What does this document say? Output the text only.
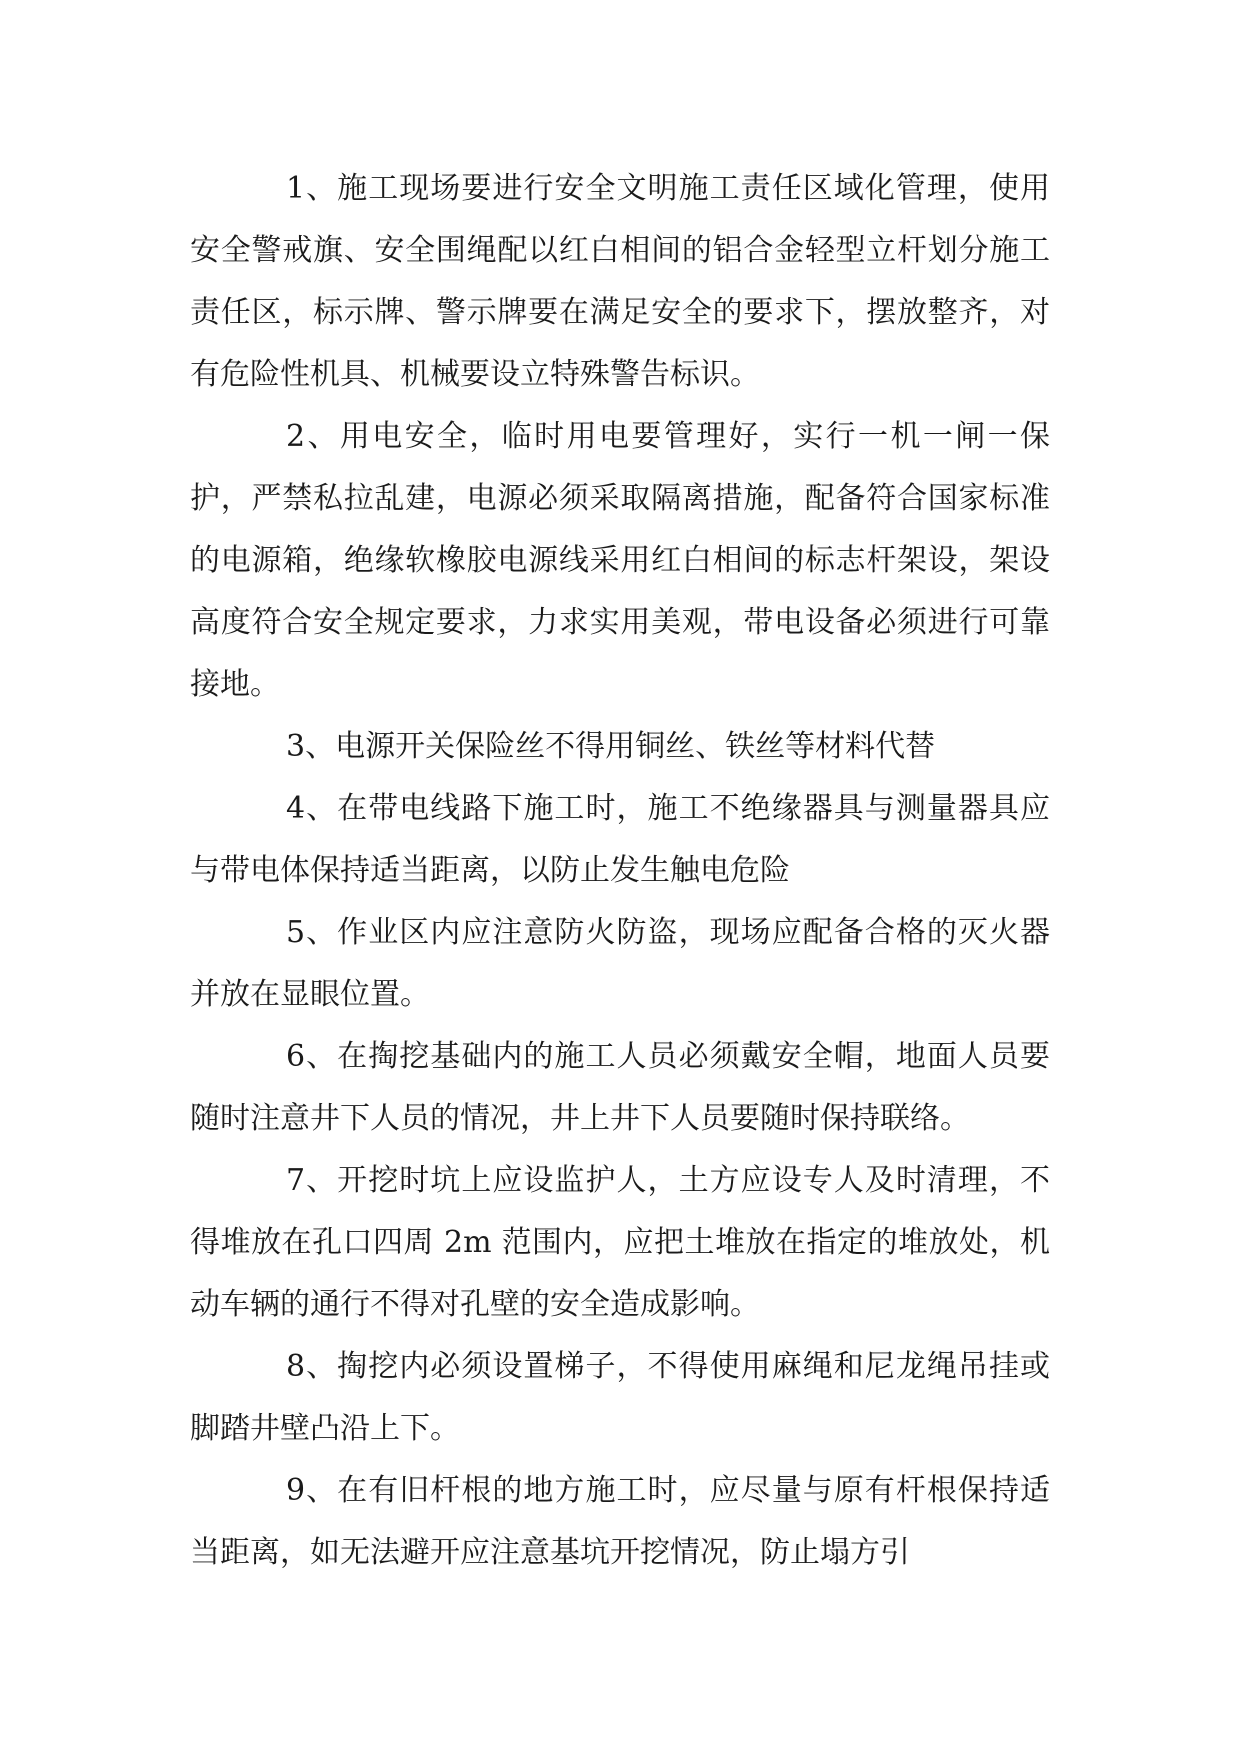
1、施工现场要进行安全文明施工责任区域化管理，使用安全警戒旗、安全围绳配以红白相间的铝合金轻型立杆划分施工责任区，标示牌、警示牌要在满足安全的要求下，摆放整齐，对有危险性机具、机械要设立特殊警告标识。

2、用电安全，临时用电要管理好，实行一机一闸一保护，严禁私拉乱建，电源必须采取隔离措施，配备符合国家标准的电源箱，绝缘软橡胶电源线采用红白相间的标志杆架设，架设高度符合安全规定要求，力求实用美观，带电设备必须进行可靠接地。

3、电源开关保险丝不得用铜丝、铁丝等材料代替

4、在带电线路下施工时，施工不绝缘器具与测量器具应与带电体保持适当距离，以防止发生触电危险

5、作业区内应注意防火防盗，现场应配备合格的灭火器并放在显眼位置。

6、在掏挖基础内的施工人员必须戴安全帽，地面人员要随时注意井下人员的情况，井上井下人员要随时保持联络。

7、开挖时坑上应设监护人，土方应设专人及时清理，不得堆放在孔口四周 2m 范围内，应把土堆放在指定的堆放处，机动车辆的通行不得对孔壁的安全造成影响。

8、掏挖内必须设置梯子，不得使用麻绳和尼龙绳吊挂或脚踏井壁凸沿上下。

9、在有旧杆根的地方施工时，应尽量与原有杆根保持适当距离，如无法避开应注意基坑开挖情况，防止塌方引
